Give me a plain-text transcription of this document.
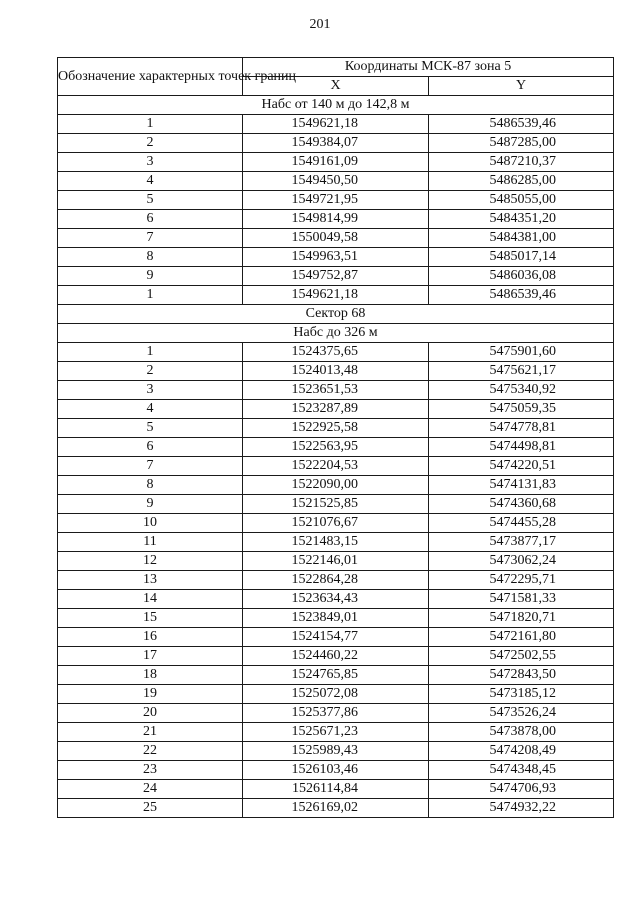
201
Обозначение характерных точек границ	Координаты МСК-87 зона 5	
	X	Y
Набс от 140 м до 142,8 м		
1	1549621,18	5486539,46
2	1549384,07	5487285,00
3	1549161,09	5487210,37
4	1549450,50	5486285,00
5	1549721,95	5485055,00
6	1549814,99	5484351,20
7	1550049,58	5484381,00
8	1549963,51	5485017,14
9	1549752,87	5486036,08
1	1549621,18	5486539,46
Сектор 68		
Набс до 326 м		
1	1524375,65	5475901,60
2	1524013,48	5475621,17
3	1523651,53	5475340,92
4	1523287,89	5475059,35
5	1522925,58	5474778,81
6	1522563,95	5474498,81
7	1522204,53	5474220,51
8	1522090,00	5474131,83
9	1521525,85	5474360,68
10	1521076,67	5474455,28
11	1521483,15	5473877,17
12	1522146,01	5473062,24
13	1522864,28	5472295,71
14	1523634,43	5471581,33
15	1523849,01	5471820,71
16	1524154,77	5472161,80
17	1524460,22	5472502,55
18	1524765,85	5472843,50
19	1525072,08	5473185,12
20	1525377,86	5473526,24
21	1525671,23	5473878,00
22	1525989,43	5474208,49
23	1526103,46	5474348,45
24	1526114,84	5474706,93
25	1526169,02	5474932,22
